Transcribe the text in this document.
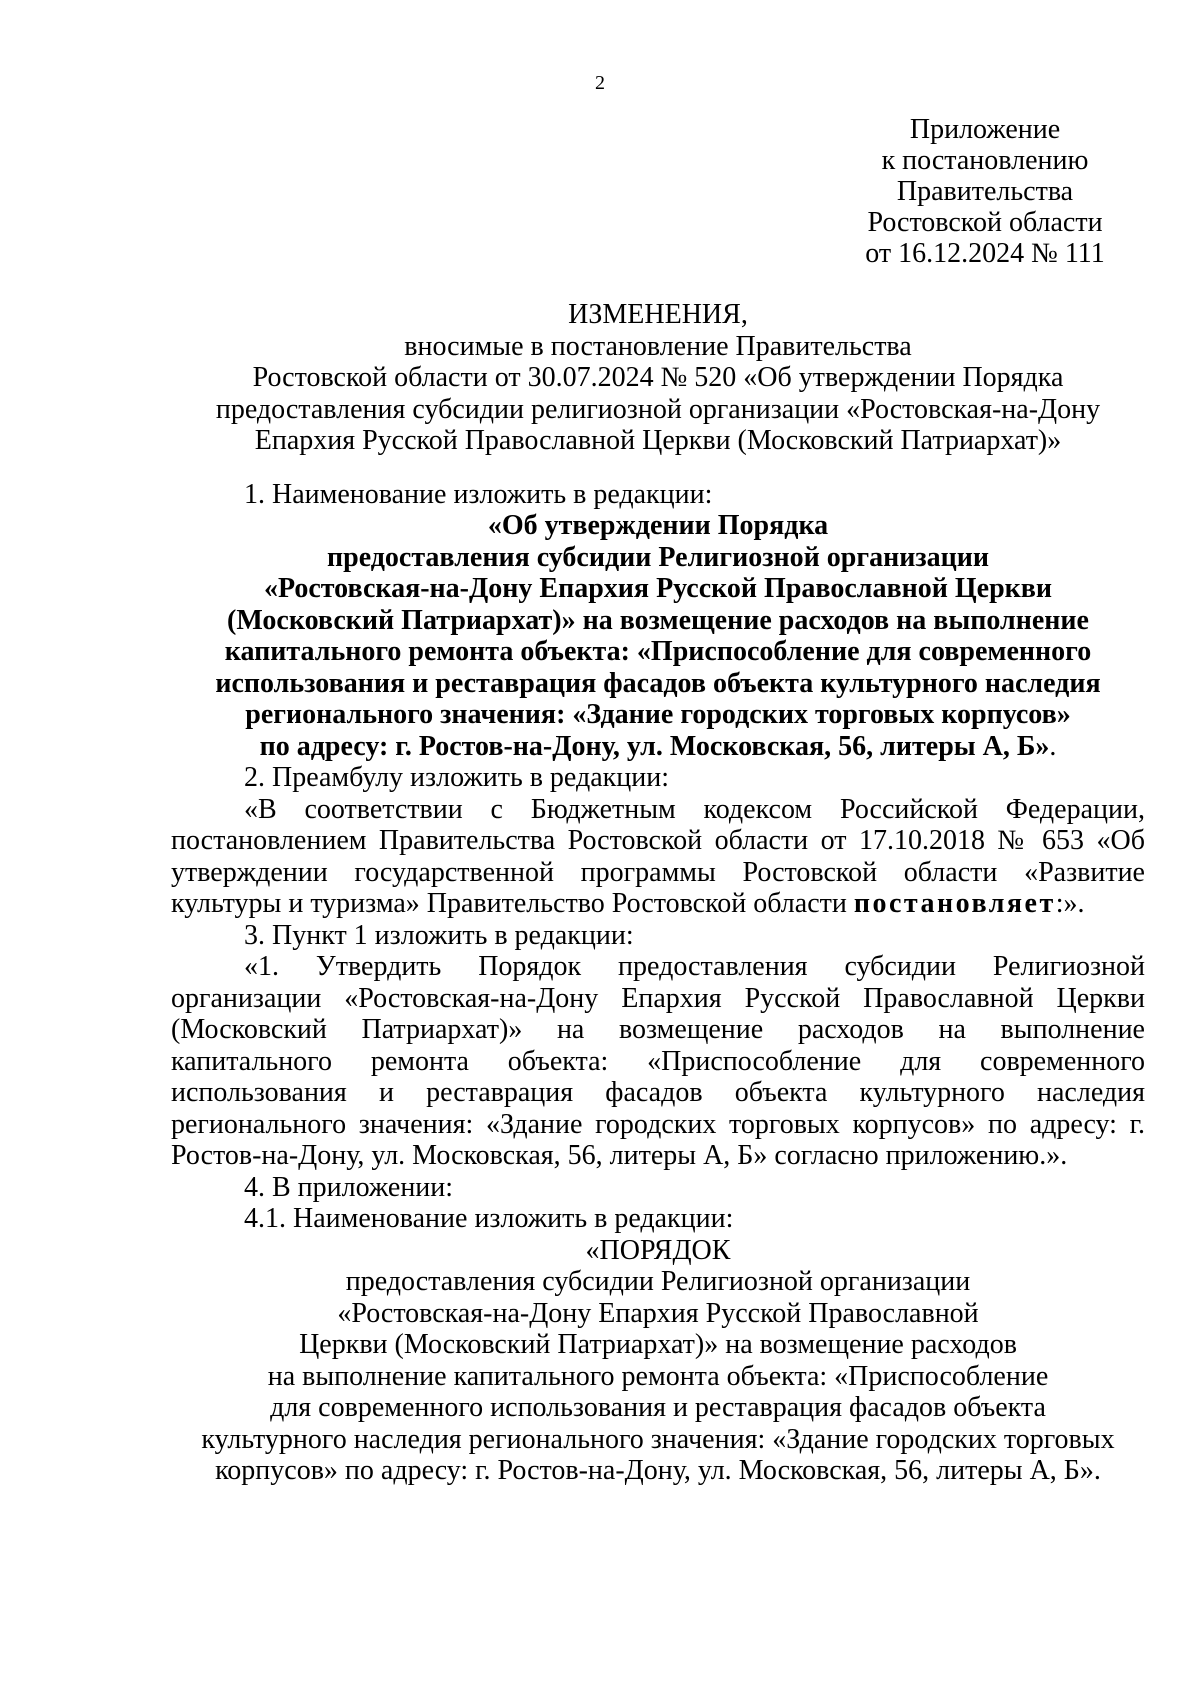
2
Приложение
к постановлению
Правительства
Ростовской области
от 16.12.2024 № 111
ИЗМЕНЕНИЯ,
вносимые в постановление Правительства
Ростовской области от 30.07.2024 № 520 «Об утверждении Порядка
предоставления субсидии религиозной организации «Ростовская-на-Дону
Епархия Русской Православной Церкви (Московский Патриархат)»

1. Наименование изложить в редакции:

«Об утверждении Порядка
предоставления субсидии Религиозной организации
«Ростовская-на-Дону Епархия Русской Православной Церкви
(Московский Патриархат)» на возмещение расходов на выполнение
капитального ремонта объекта: «Приспособление для современного
использования и реставрация фасадов объекта культурного наследия
регионального значения: «Здание городских торговых корпусов»
по адресу: г. Ростов-на-Дону, ул. Московская, 56, литеры А, Б».

2. Преамбулу изложить в редакции:

«В соответствии с Бюджетным кодексом Российской Федерации, постановлением Правительства Ростовской области от 17.10.2018 № 653 «Об утверждении государственной программы Ростовской области «Развитие культуры и туризма» Правительство Ростовской области постановляет:».

3. Пункт 1 изложить в редакции:

«1. Утвердить Порядок предоставления субсидии Религиозной организации «Ростовская-на-Дону Епархия Русской Православной Церкви (Московский Патриархат)» на возмещение расходов на выполнение капитального ремонта объекта: «Приспособление для современного использования и реставрация фасадов объекта культурного наследия регионального значения: «Здание городских торговых корпусов» по адресу: г. Ростов-на-Дону, ул. Московская, 56, литеры А, Б» согласно приложению.».

4. В приложении:

4.1. Наименование изложить в редакции:

«ПОРЯДОК
предоставления субсидии Религиозной организации
«Ростовская-на-Дону Епархия Русской Православной
Церкви (Московский Патриархат)» на возмещение расходов
на выполнение капитального ремонта объекта: «Приспособление
для современного использования и реставрация фасадов объекта
культурного наследия регионального значения: «Здание городских торговых
корпусов» по адресу: г. Ростов-на-Дону, ул. Московская, 56, литеры А, Б».
